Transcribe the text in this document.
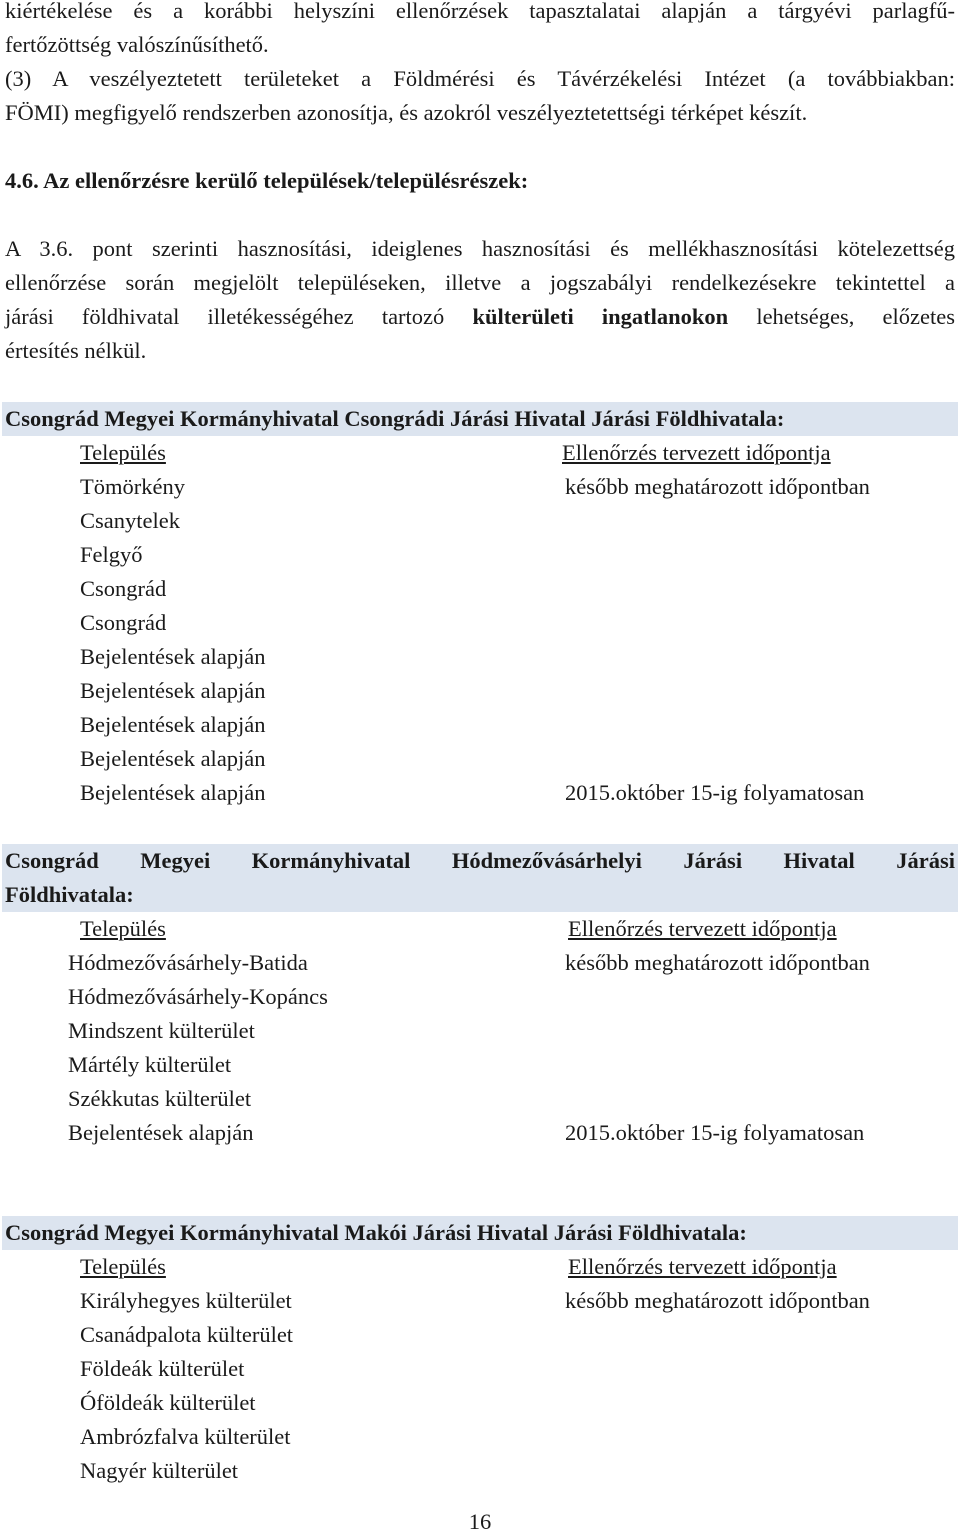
kiértékelése és a korábbi helyszíni ellenőrzések tapasztalatai alapján a tárgyévi parlagfű-
fertőzöttség valószínűsíthető.
(3) A veszélyeztetett területeket a Földmérési és Távérzékelési Intézet (a továbbiakban:
FÖMI) megfigyelő rendszerben azonosítja, és azokról veszélyeztetettségi térképet készít.
4.6. Az ellenőrzésre kerülő települések/településrészek:
A 3.6. pont szerinti hasznosítási, ideiglenes hasznosítási és mellékhasznosítási kötelezettség
ellenőrzése során megjelölt településeken, illetve a jogszabályi rendelkezésekre tekintettel a
járási földhivatal illetékességéhez tartozó külterületi ingatlanokon lehetséges, előzetes
értesítés nélkül.
Csongrád Megyei Kormányhivatal Csongrádi Járási Hivatal Járási Földhivatala:
Település	Ellenőrzés tervezett időpontja
Tömörkény	később meghatározott időpontban
Csanytelek
Felgyő
Csongrád
Csongrád
Bejelentések alapján
Bejelentések alapján
Bejelentések alapján
Bejelentések alapján
Bejelentések alapján	2015.október 15-ig folyamatosan
Csongrád Megyei Kormányhivatal Hódmezővásárhelyi Járási Hivatal Járási
Földhivatala:
Település	Ellenőrzés tervezett időpontja
Hódmezővásárhely-Batida	később meghatározott időpontban
Hódmezővásárhely-Kopáncs
Mindszent külterület
Mártély külterület
Székkutas külterület
Bejelentések alapján	2015.október 15-ig folyamatosan
Csongrád Megyei Kormányhivatal Makói Járási Hivatal Járási Földhivatala:
Település	Ellenőrzés tervezett időpontja
Királyhegyes külterület	később meghatározott időpontban
Csanádpalota külterület
Földeák külterület
Óföldeák külterület
Ambrózfalva külterület
Nagyér külterület
16
